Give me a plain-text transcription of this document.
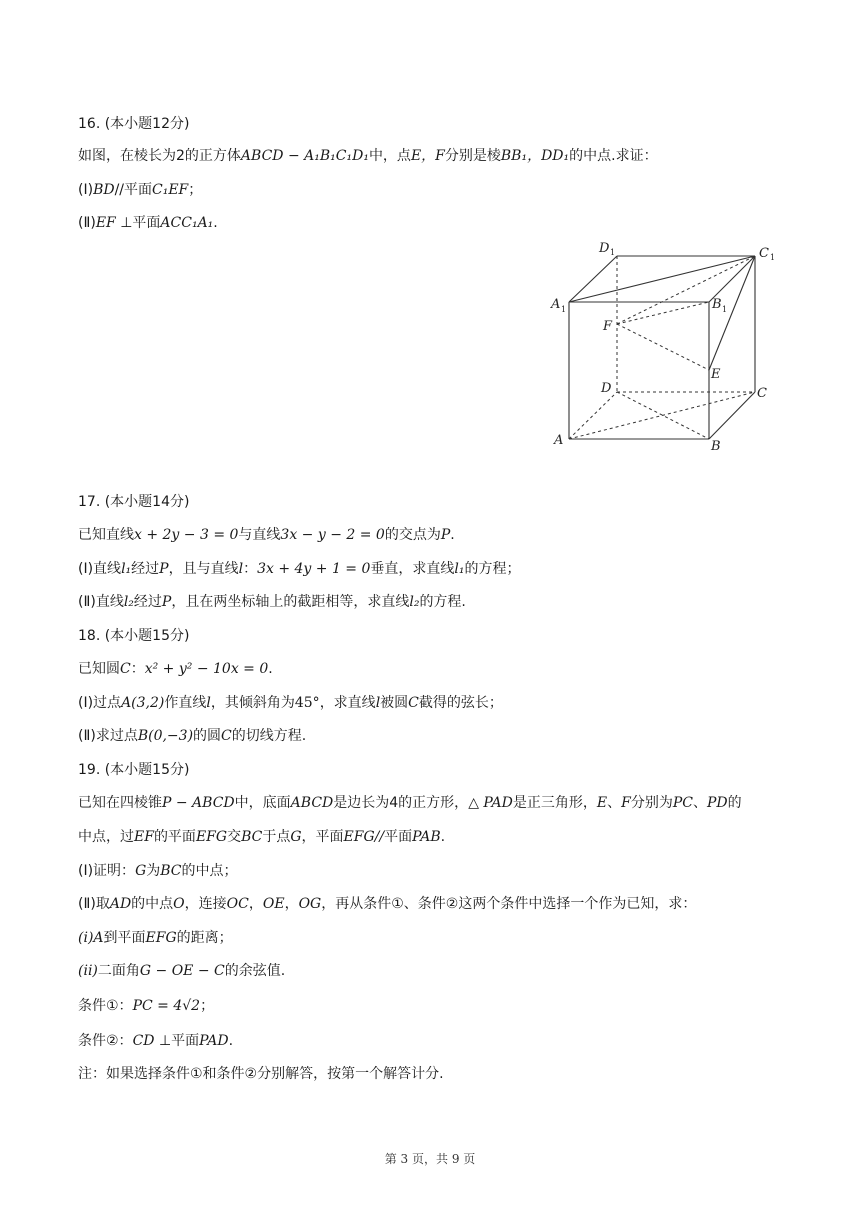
16. (本小题12分)
如图，在棱长为2的正方体ABCD − A₁B₁C₁D₁中，点E，F分别是棱BB₁，DD₁的中点.求证：
(Ⅰ)BD//平面C₁EF；
(Ⅱ)EF ⊥平面ACC₁A₁.
D 1	C 1
A 1	B 1
F
E
D	C
A	B
17. (本小题14分)
已知直线x + 2y − 3 = 0与直线3x − y − 2 = 0的交点为P.
(Ⅰ)直线l₁经过P，且与直线l：3x + 4y + 1 = 0垂直，求直线l₁的方程；
(Ⅱ)直线l₂经过P，且在两坐标轴上的截距相等，求直线l₂的方程.
18. (本小题15分)
已知圆C：x² + y² − 10x = 0.
(Ⅰ)过点A(3,2)作直线l，其倾斜角为45°，求直线l被圆C截得的弦长；
(Ⅱ)求过点B(0,−3)的圆C的切线方程.
19. (本小题15分)
已知在四棱锥P − ABCD中，底面ABCD是边长为4的正方形，△ PAD是正三角形，E、F分别为PC、PD的
中点，过EF的平面EFG交BC于点G，平面EFG//平面PAB.
(Ⅰ)证明：G为BC的中点；
(Ⅱ)取AD的中点O，连接OC，OE，OG，再从条件①、条件②这两个条件中选择一个作为已知，求：
(i)A到平面EFG的距离；
(ii)二面角G − OE − C的余弦值.
条件①：PC = 4√2；
条件②：CD ⊥平面PAD.
注：如果选择条件①和条件②分别解答，按第一个解答计分.
第 3 页，共 9 页
